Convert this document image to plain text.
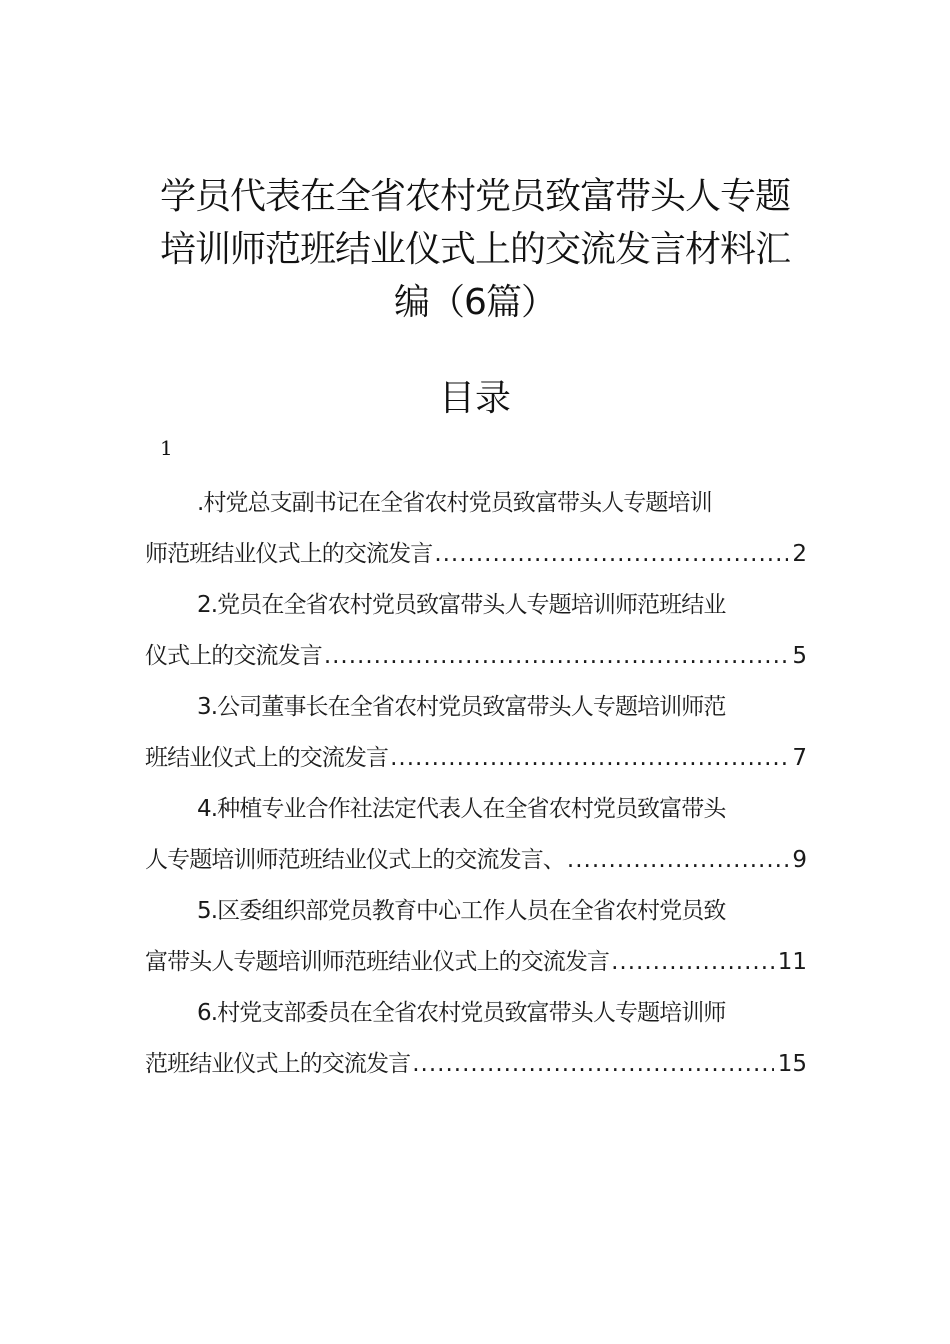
学员代表在全省农村党员致富带头人专题
培训师范班结业仪式上的交流发言材料汇
编（6篇）
目录
1
.村党总支副书记在全省农村党员致富带头人专题培训
师范班结业仪式上的交流发言 .....	2
2.党员在全省农村党员致富带头人专题培训师范班结业
仪式上的交流发言 .....	5
3.公司董事长在全省农村党员致富带头人专题培训师范
班结业仪式上的交流发言 .....	7
4.种植专业合作社法定代表人在全省农村党员致富带头
人专题培训师范班结业仪式上的交流发言、 .....	9
5.区委组织部党员教育中心工作人员在全省农村党员致
富带头人专题培训师范班结业仪式上的交流发言 .....	11
6.村党支部委员在全省农村党员致富带头人专题培训师
范班结业仪式上的交流发言 .....	15
